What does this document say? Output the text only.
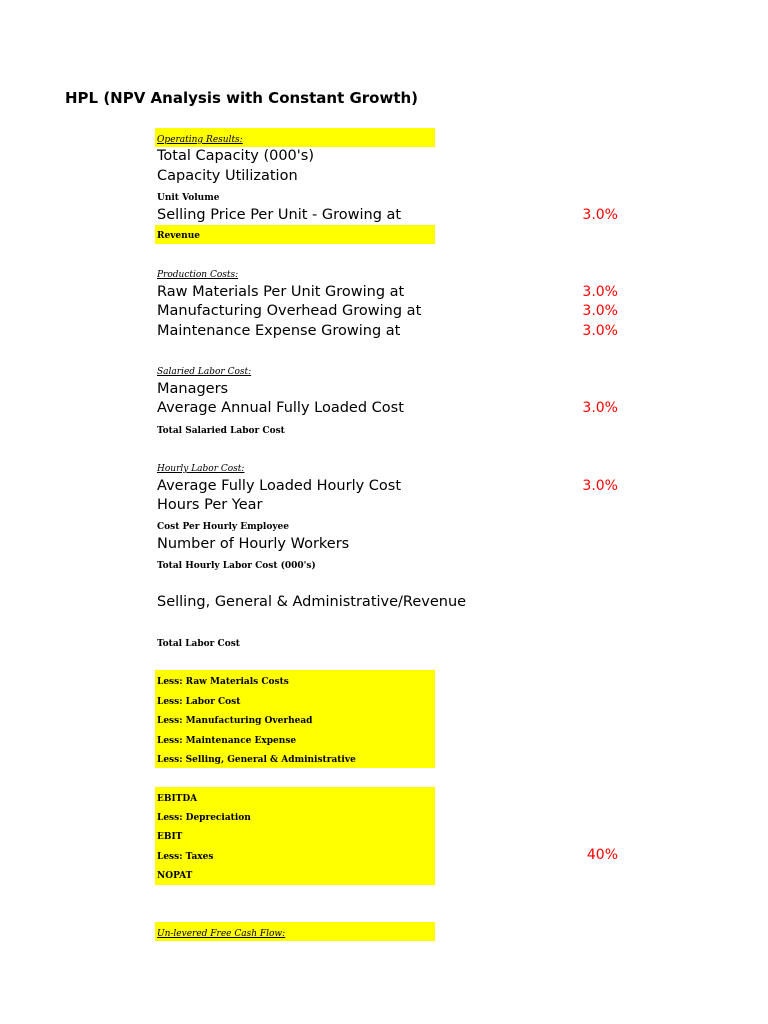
HPL (NPV Analysis with Constant Growth)
Operating Results:
Total Capacity (000's)
Capacity Utilization
Unit Volume
Selling Price Per Unit - Growing at	3.0%
Revenue
Production Costs:
Raw Materials Per Unit Growing at	3.0%
Manufacturing Overhead Growing at	3.0%
Maintenance Expense Growing at	3.0%
Salaried Labor Cost:
Managers
Average Annual Fully Loaded Cost	3.0%
Total Salaried Labor Cost
Hourly Labor Cost:
Average Fully Loaded Hourly Cost	3.0%
Hours Per Year
Cost Per Hourly Employee
Number of Hourly Workers
Total Hourly Labor Cost (000's)
Selling, General & Administrative/Revenue
Total Labor Cost
Less: Raw Materials Costs
Less: Labor Cost
Less: Manufacturing Overhead
Less: Maintenance Expense
Less: Selling, General & Administrative
EBITDA
Less: Depreciation
EBIT
Less: Taxes	40%
NOPAT
Un-levered Free Cash Flow:
